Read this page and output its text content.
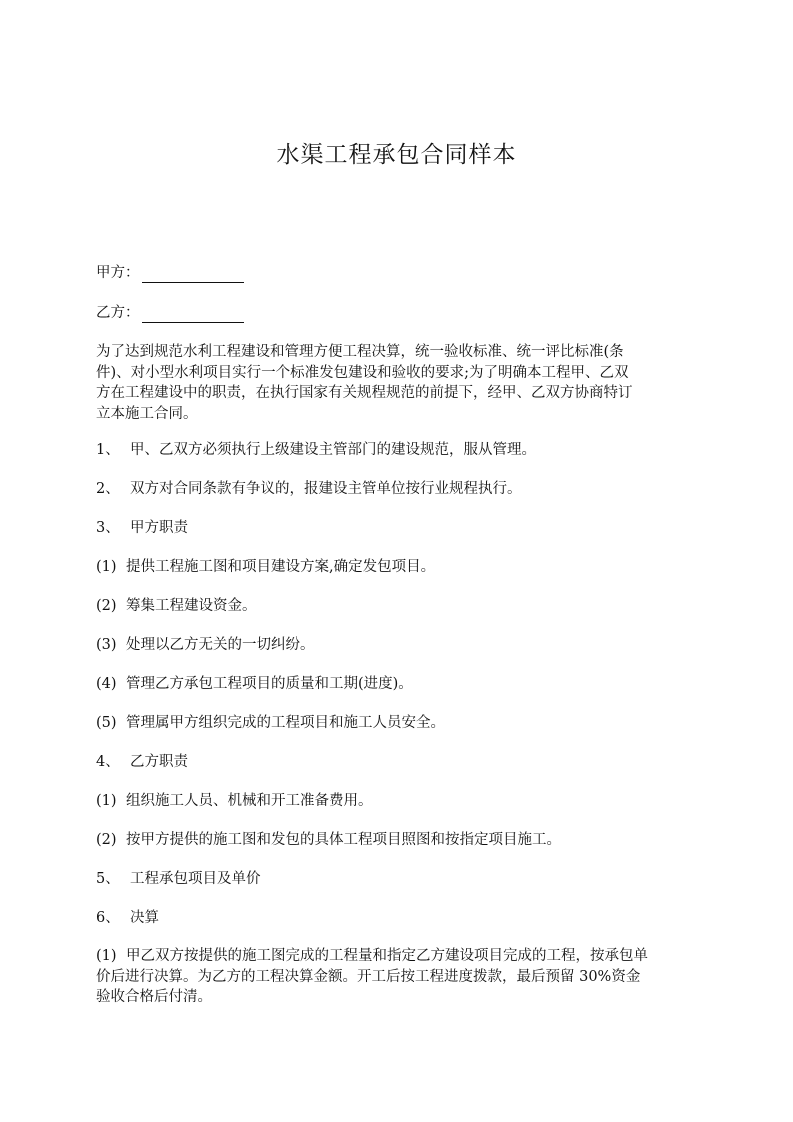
水渠工程承包合同样本
甲方：
乙方：
为了达到规范水利工程建设和管理方便工程决算，统一验收标准、统一评比标准(条
件)、对小型水利项目实行一个标准发包建设和验收的要求;为了明确本工程甲、乙双
方在工程建设中的职责，在执行国家有关规程规范的前提下，经甲、乙双方协商特订
立本施工合同。
1、 甲、乙双方必须执行上级建设主管部门的建设规范，服从管理。
2、 双方对合同条款有争议的，报建设主管单位按行业规程执行。
3、 甲方职责
(1) 提供工程施工图和项目建设方案,确定发包项目。
(2) 筹集工程建设资金。
(3) 处理以乙方无关的一切纠纷。
(4) 管理乙方承包工程项目的质量和工期(进度)。
(5) 管理属甲方组织完成的工程项目和施工人员安全。
4、 乙方职责
(1) 组织施工人员、机械和开工准备费用。
(2) 按甲方提供的施工图和发包的具体工程项目照图和按指定项目施工。
5、 工程承包项目及单价
6、 决算
(1) 甲乙双方按提供的施工图完成的工程量和指定乙方建设项目完成的工程，按承包单
价后进行决算。为乙方的工程决算金额。开工后按工程进度拨款，最后预留 30%资金
验收合格后付清。
